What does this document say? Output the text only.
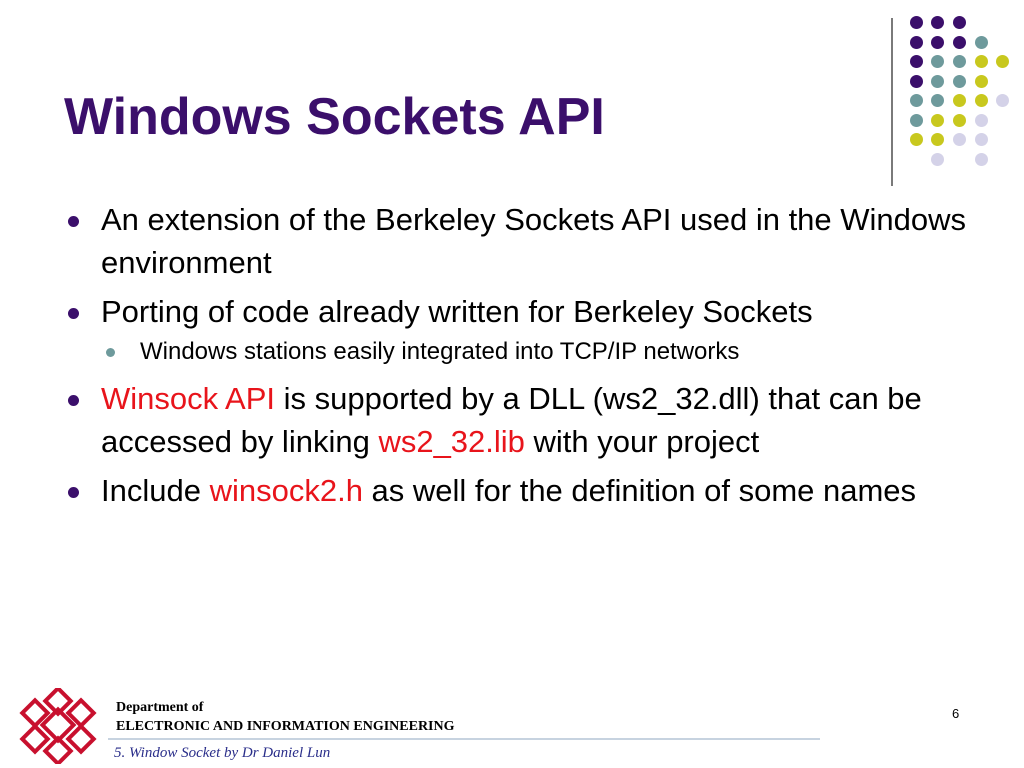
Windows Sockets API
An extension of the Berkeley Sockets API used in the Windows environment
Porting of code already written for Berkeley Sockets
Windows stations easily integrated into TCP/IP networks
Winsock API is supported by a DLL (ws2_32.dll) that can be accessed by linking ws2_32.lib with your project
Include winsock2.h as well for the definition of some names
Department of
ELECTRONIC AND INFORMATION ENGINEERING
5. Window Socket by Dr Daniel Lun
6
